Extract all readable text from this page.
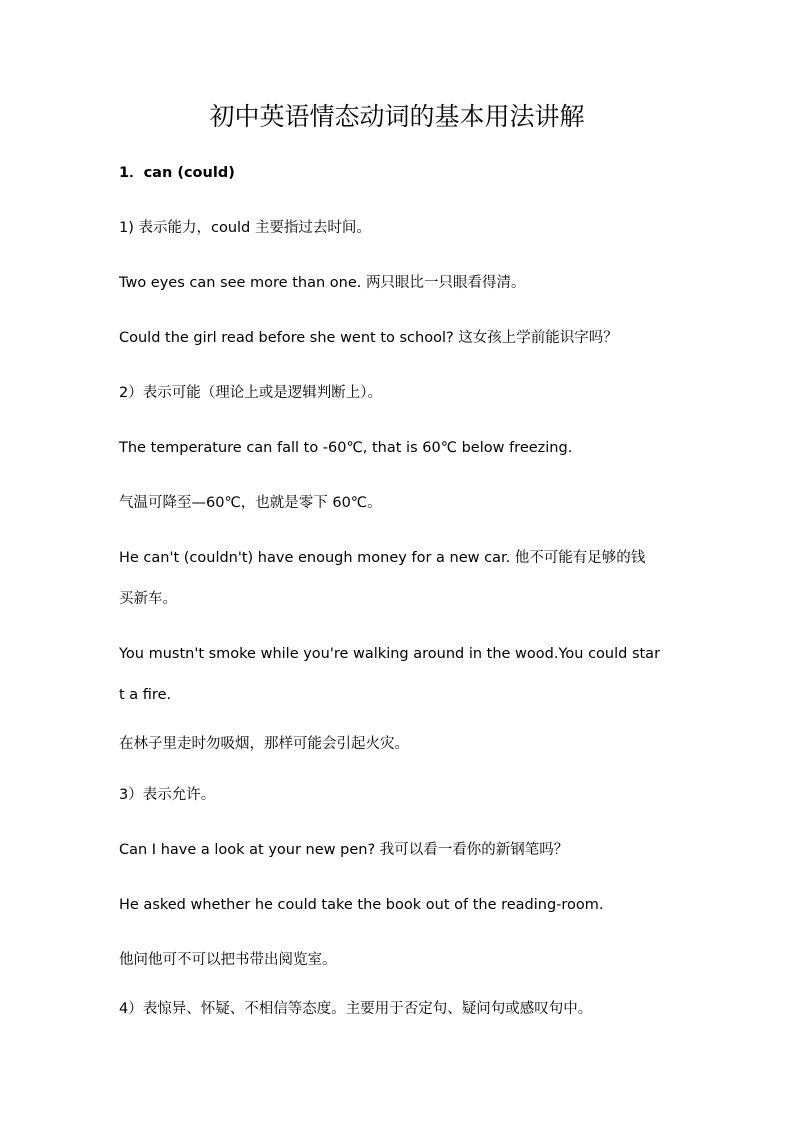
初中英语情态动词的基本用法讲解
1．can (could)
1) 表示能力，could 主要指过去时间。
Two eyes can see more than one. 两只眼比一只眼看得清。
Could the girl read before she went to school? 这女孩上学前能识字吗？
2）表示可能（理论上或是逻辑判断上）。
The temperature can fall to -60℃, that is 60℃ below freezing.
气温可降至—60℃，也就是零下 60℃。
He can't (couldn't) have enough money for a new car. 他不可能有足够的钱
买新车。
You mustn't smoke while you're walking around in the wood.You could star
t a fire.
在林子里走时勿吸烟，那样可能会引起火灾。
3）表示允许。
Can I have a look at your new pen? 我可以看一看你的新钢笔吗？
He asked whether he could take the book out of the reading-room.
他问他可不可以把书带出阅览室。
4）表惊异、怀疑、不相信等态度。主要用于否定句、疑问句或感叹句中。
